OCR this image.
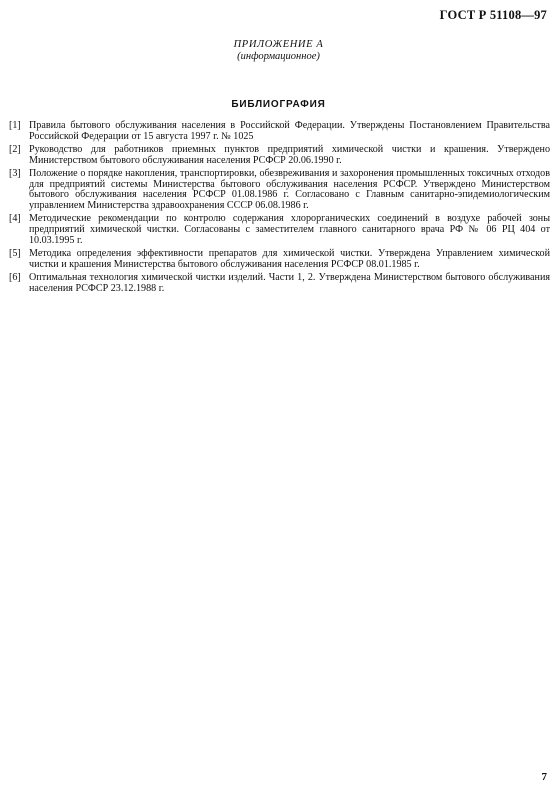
ГОСТ Р 51108—97
ПРИЛОЖЕНИЕ А
(информационное)
БИБЛИОГРАФИЯ
[1] Правила бытового обслуживания населения в Российской Федерации. Утверждены Постановлением Правительства Российской Федерации от 15 августа 1997 г. № 1025
[2] Руководство для работников приемных пунктов предприятий химической чистки и крашения. Утверждено Министерством бытового обслуживания населения РСФСР 20.06.1990 г.
[3] Положение о порядке накопления, транспортировки, обезвреживания и захоронения промышленных токсичных отходов для предприятий системы Министерства бытового обслуживания населения РСФСР. Утверждено Министерством бытового обслуживания населения РСФСР 01.08.1986 г. Согласовано с Главным санитарно-эпидемиологическим управлением Министерства здравоохранения СССР 06.08.1986 г.
[4] Методические рекомендации по контролю содержания хлорорганических соединений в воздухе рабочей зоны предприятий химической чистки. Согласованы с заместителем главного санитарного врача РФ № 06 РЦ 404 от 10.03.1995 г.
[5] Методика определения эффективности препаратов для химической чистки. Утверждена Управлением химической чистки и крашения Министерства бытового обслуживания населения РСФСР 08.01.1985 г.
[6] Оптимальная технология химической чистки изделий. Части 1, 2. Утверждена Министерством бытового обслуживания населения РСФСР 23.12.1988 г.
7
